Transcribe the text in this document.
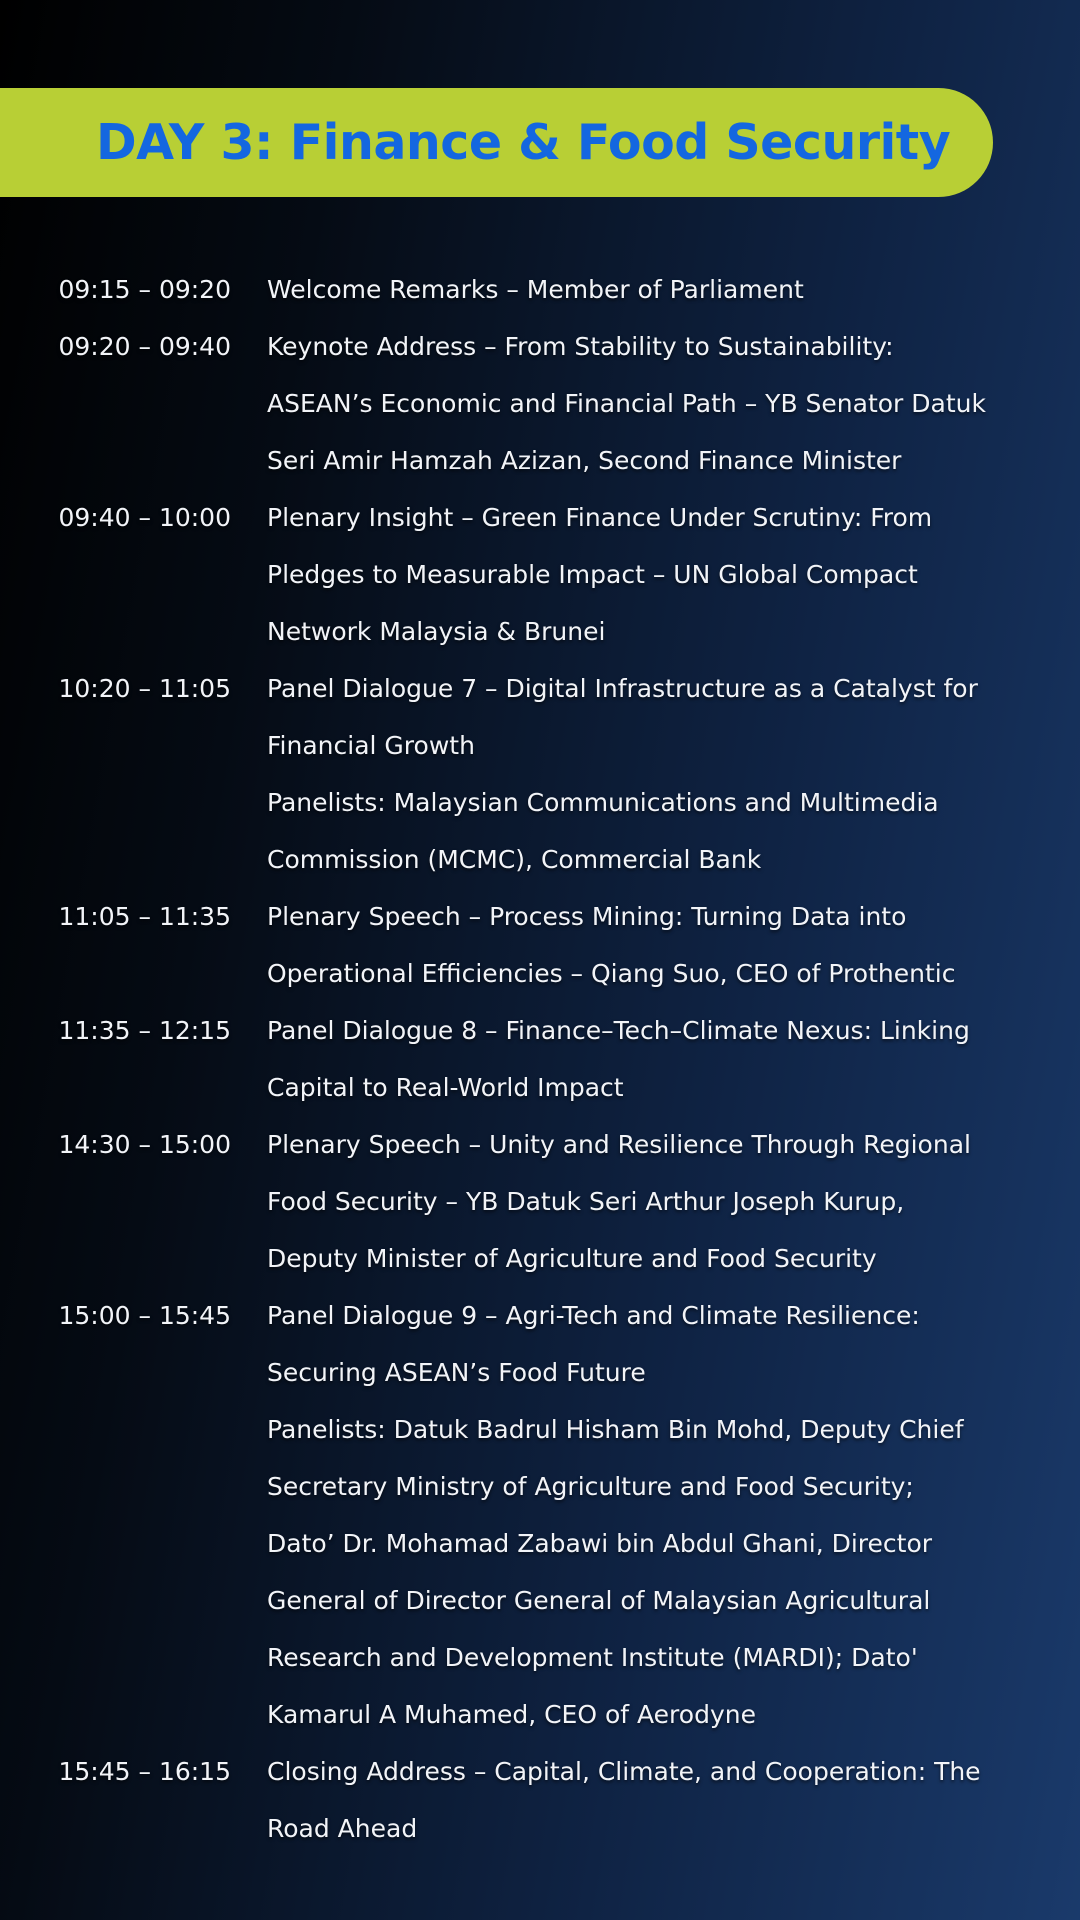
DAY 3: Finance & Food Security
09:15 – 09:20 Welcome Remarks – Member of Parliament
09:20 – 09:40 Keynote Address – From Stability to Sustainability:
ASEAN’s Economic and Financial Path – YB Senator Datuk
Seri Amir Hamzah Azizan, Second Finance Minister
09:40 – 10:00 Plenary Insight – Green Finance Under Scrutiny: From
Pledges to Measurable Impact – UN Global Compact
Network Malaysia & Brunei
10:20 – 11:05 Panel Dialogue 7 – Digital Infrastructure as a Catalyst for
Financial Growth
Panelists: Malaysian Communications and Multimedia
Commission (MCMC), Commercial Bank
11:05 – 11:35 Plenary Speech – Process Mining: Turning Data into
Operational Efficiencies – Qiang Suo, CEO of Prothentic
11:35 – 12:15 Panel Dialogue 8 – Finance–Tech–Climate Nexus: Linking
Capital to Real-World Impact
14:30 – 15:00 Plenary Speech – Unity and Resilience Through Regional
Food Security – YB Datuk Seri Arthur Joseph Kurup,
Deputy Minister of Agriculture and Food Security
15:00 – 15:45 Panel Dialogue 9 – Agri-Tech and Climate Resilience:
Securing ASEAN’s Food Future
Panelists: Datuk Badrul Hisham Bin Mohd, Deputy Chief
Secretary Ministry of Agriculture and Food Security;
Dato’ Dr. Mohamad Zabawi bin Abdul Ghani, Director
General of Director General of Malaysian Agricultural
Research and Development Institute (MARDI); Dato'
Kamarul A Muhamed, CEO of Aerodyne
15:45 – 16:15 Closing Address – Capital, Climate, and Cooperation: The
Road Ahead
